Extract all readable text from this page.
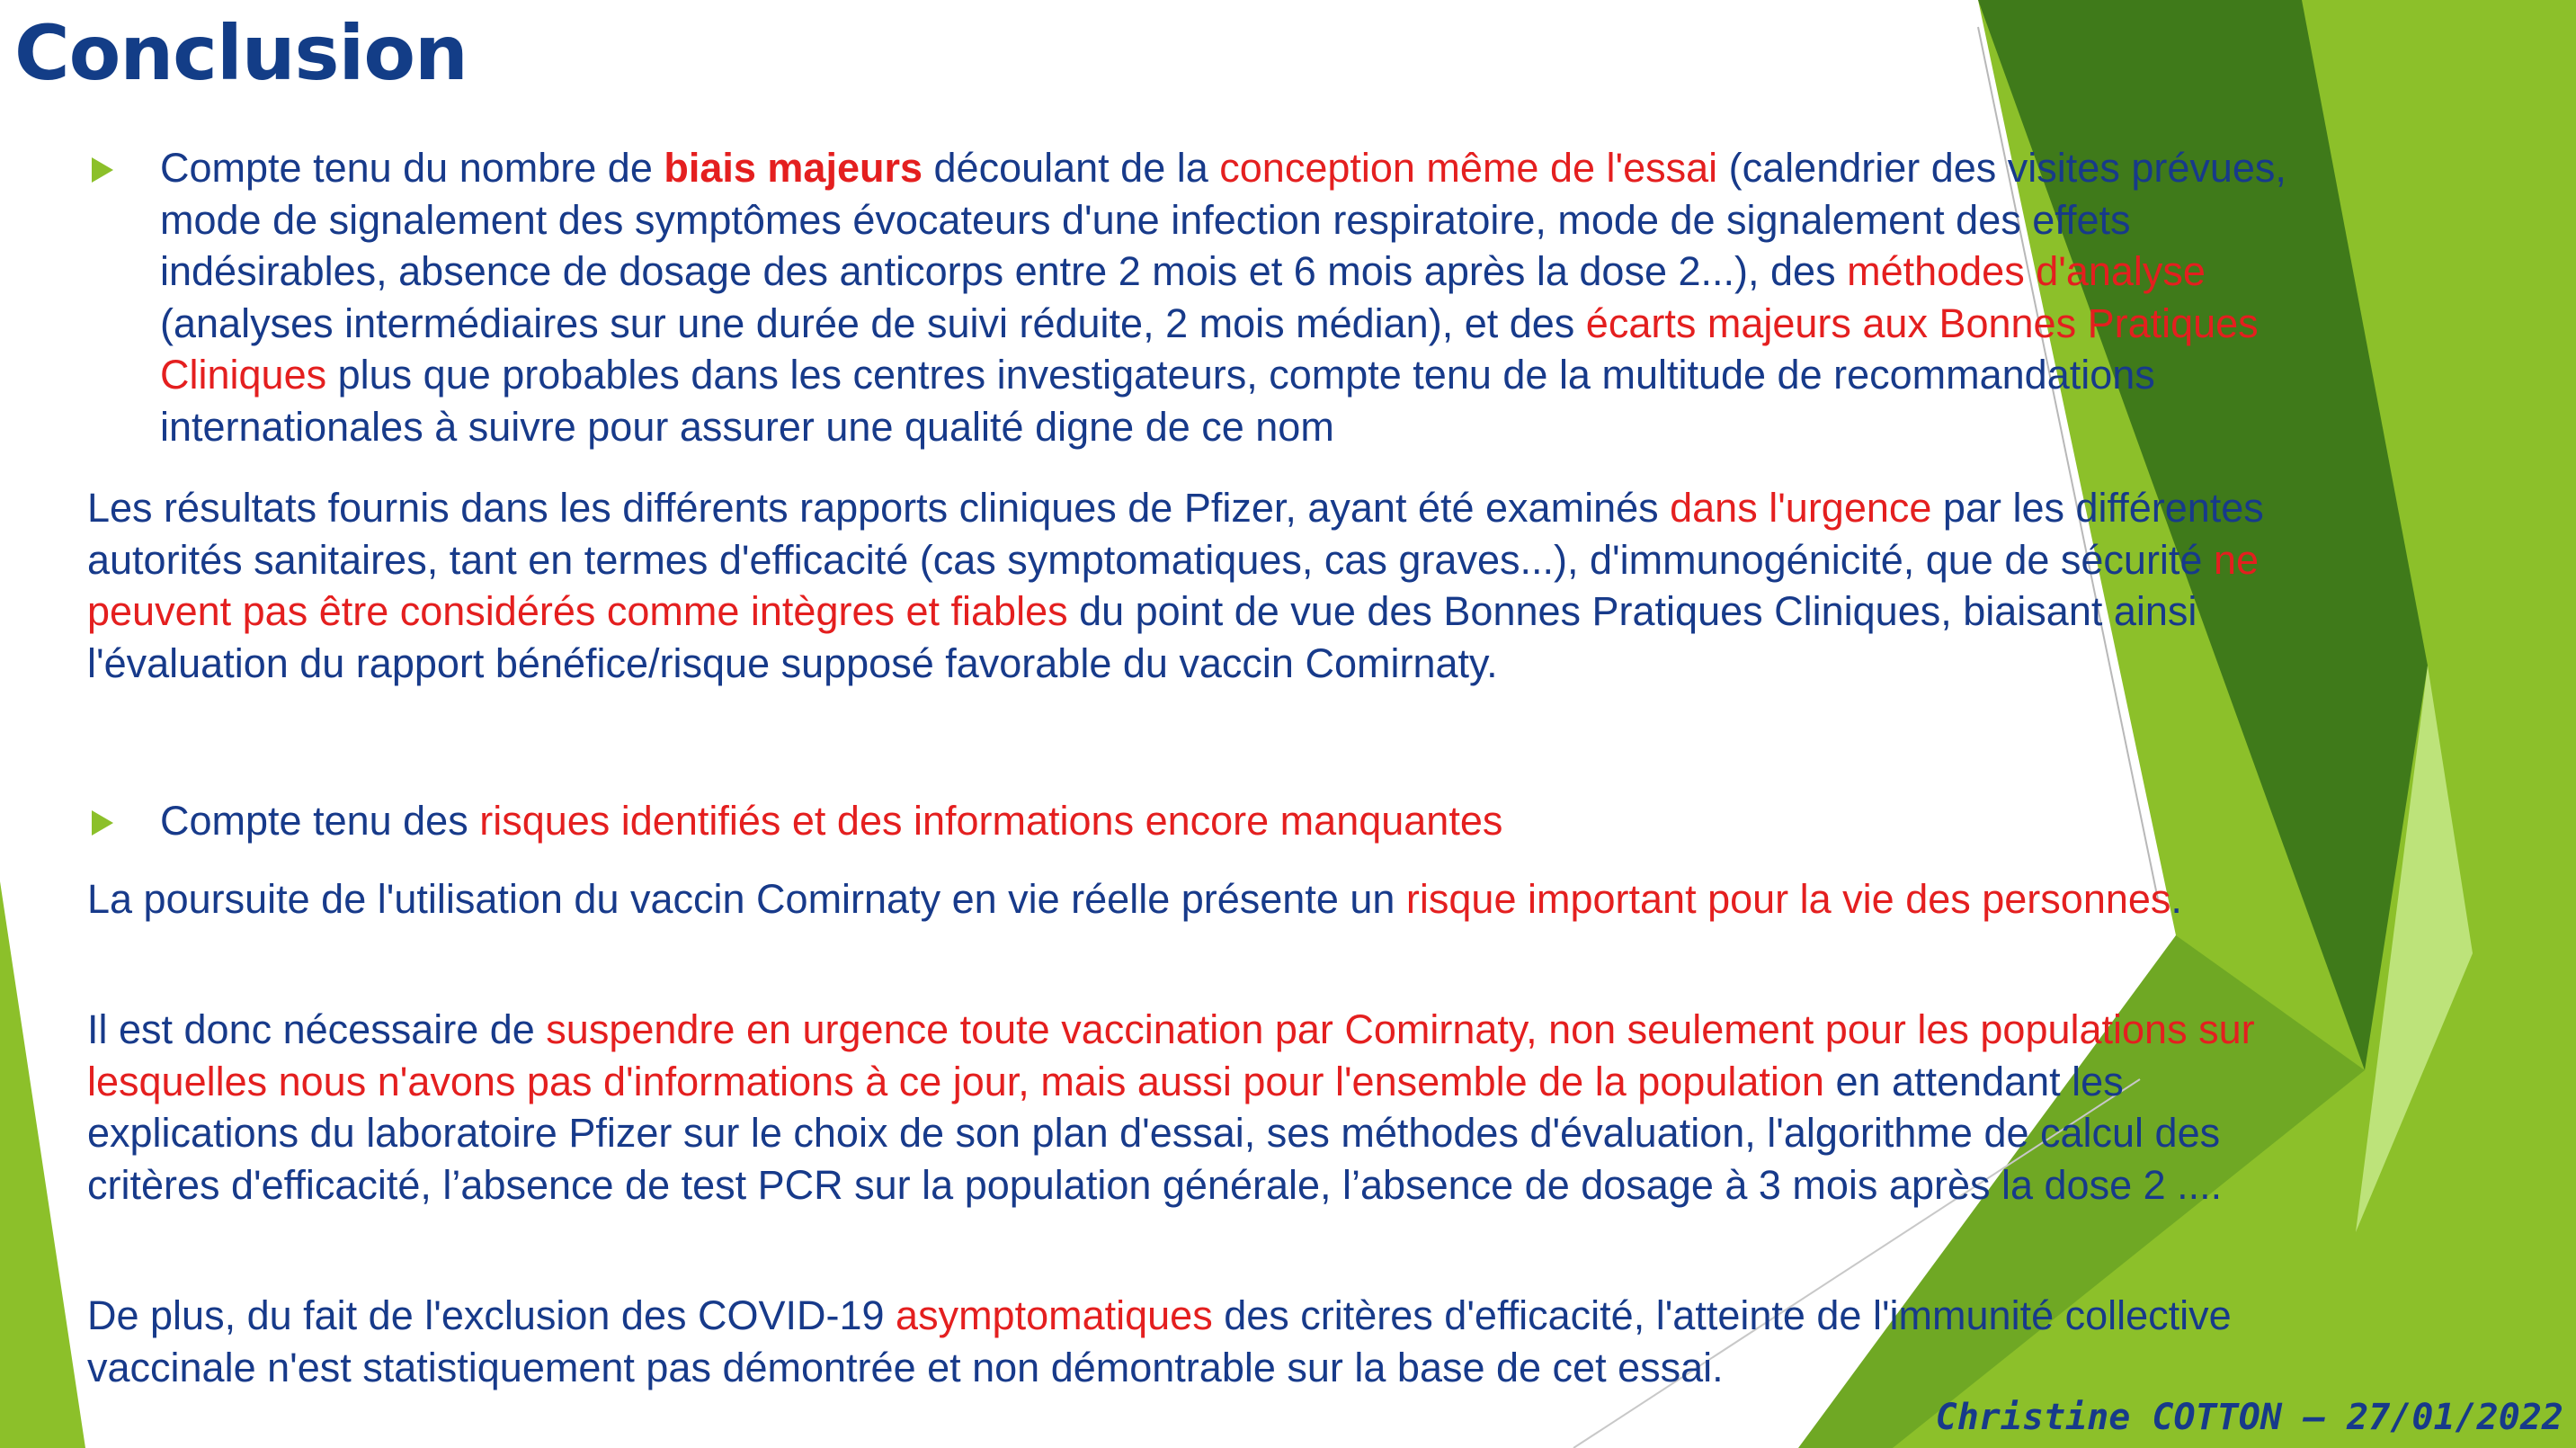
Conclusion

Compte tenu du nombre de biais majeurs découlant de la conception même de l'essai (calendrier des visites prévues, mode de signalement des symptômes évocateurs d'une infection respiratoire, mode de signalement des effets indésirables, absence de dosage des anticorps entre 2 mois et 6 mois après la dose 2...), des méthodes d'analyse (analyses intermédiaires sur une durée de suivi réduite, 2 mois médian), et des écarts majeurs aux Bonnes Pratiques Cliniques plus que probables dans les centres investigateurs, compte tenu de la multitude de recommandations internationales à suivre pour assurer une qualité digne de ce nom

Les résultats fournis dans les différents rapports cliniques de Pfizer, ayant été examinés dans l'urgence par les différentes autorités sanitaires, tant en termes d'efficacité (cas symptomatiques, cas graves...), d'immunogénicité, que de sécurité ne peuvent pas être considérés comme intègres et fiables du point de vue des Bonnes Pratiques Cliniques, biaisant ainsi l'évaluation du rapport bénéfice/risque supposé favorable du vaccin Comirnaty.

Compte tenu des risques identifiés et des informations encore manquantes

La poursuite de l'utilisation du vaccin Comirnaty en vie réelle présente un risque important pour la vie des personnes.

Il est donc nécessaire de suspendre en urgence toute vaccination par Comirnaty, non seulement pour les populations sur lesquelles nous n'avons pas d'informations à ce jour, mais aussi pour l'ensemble de la population en attendant les explications du laboratoire Pfizer sur le choix de son plan d'essai, ses méthodes d'évaluation, l'algorithme de calcul des critères d'efficacité, l’absence de test PCR sur la population générale, l’absence de dosage à 3 mois après la dose 2 ....

De plus, du fait de l'exclusion des COVID-19 asymptomatiques des critères d'efficacité, l'atteinte de l'immunité collective vaccinale n'est statistiquement pas démontrée et non démontrable sur la base de cet essai.

Christine COTTON – 27/01/2022
